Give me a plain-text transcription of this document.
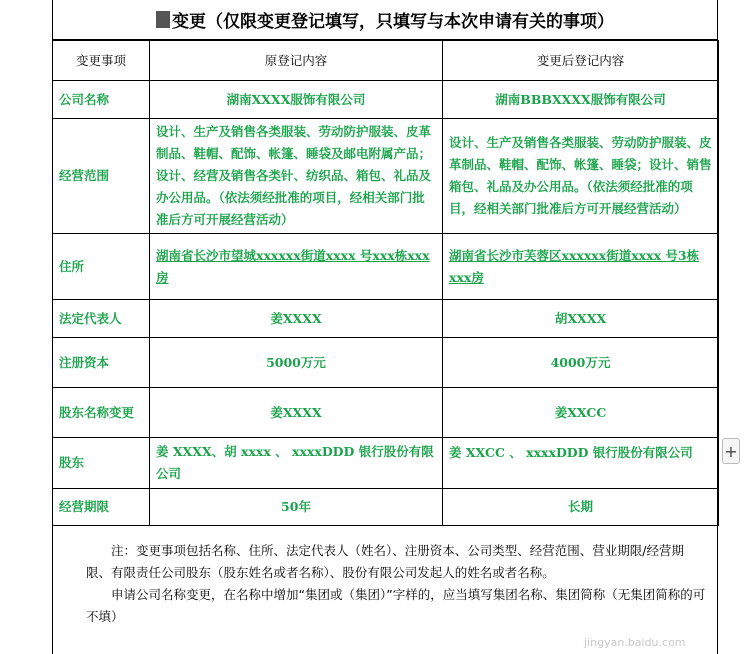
变更（仅限变更登记填写，只填写与本次申请有关的事项）
变更事项	原登记内容	变更后登记内容
公司名称	湖南XXXX服饰有限公司	湖南BBBXXXX服饰有限公司
经营范围	设计、生产及销售各类服装、劳动防护服装、皮革制品、鞋帽、配饰、帐篷、睡袋及邮电附属产品；设计、经营及销售各类针、纺织品、箱包、礼品及办公用品。（依法须经批准的项目，经相关部门批准后方可开展经营活动）	设计、生产及销售各类服装、劳动防护服装、皮革制品、鞋帽、配饰、帐篷、睡袋；设计、销售箱包、礼品及办公用品。（依法须经批准的项目，经相关部门批准后方可开展经营活动）
住所	湖南省长沙市望城xxxxxx街道xxxx 号xxx栋xxx房	湖南省长沙市芙蓉区xxxxxx街道xxxx 号3栋xxx房
法定代表人	姜XXXX	胡XXXX
注册资本	5000万元	4000万元
股东名称变更	姜XXXX	姜XXCC
股东	姜 XXXX、胡 xxxx 、 xxxxDDD 银行股份有限公司	姜 XXCC 、 xxxxDDD 银行股份有限公司
经营期限	50年	长期

注：变更事项包括名称、住所、法定代表人（姓名）、注册资本、公司类型、经营范围、营业期限/经营期限、有限责任公司股东（股东姓名或者名称）、股份有限公司发起人的姓名或者名称。

申请公司名称变更，在名称中增加“集团或（集团）”字样的，应当填写集团名称、集团简称（无集团简称的可不填）

+
jingyan.baidu.com
